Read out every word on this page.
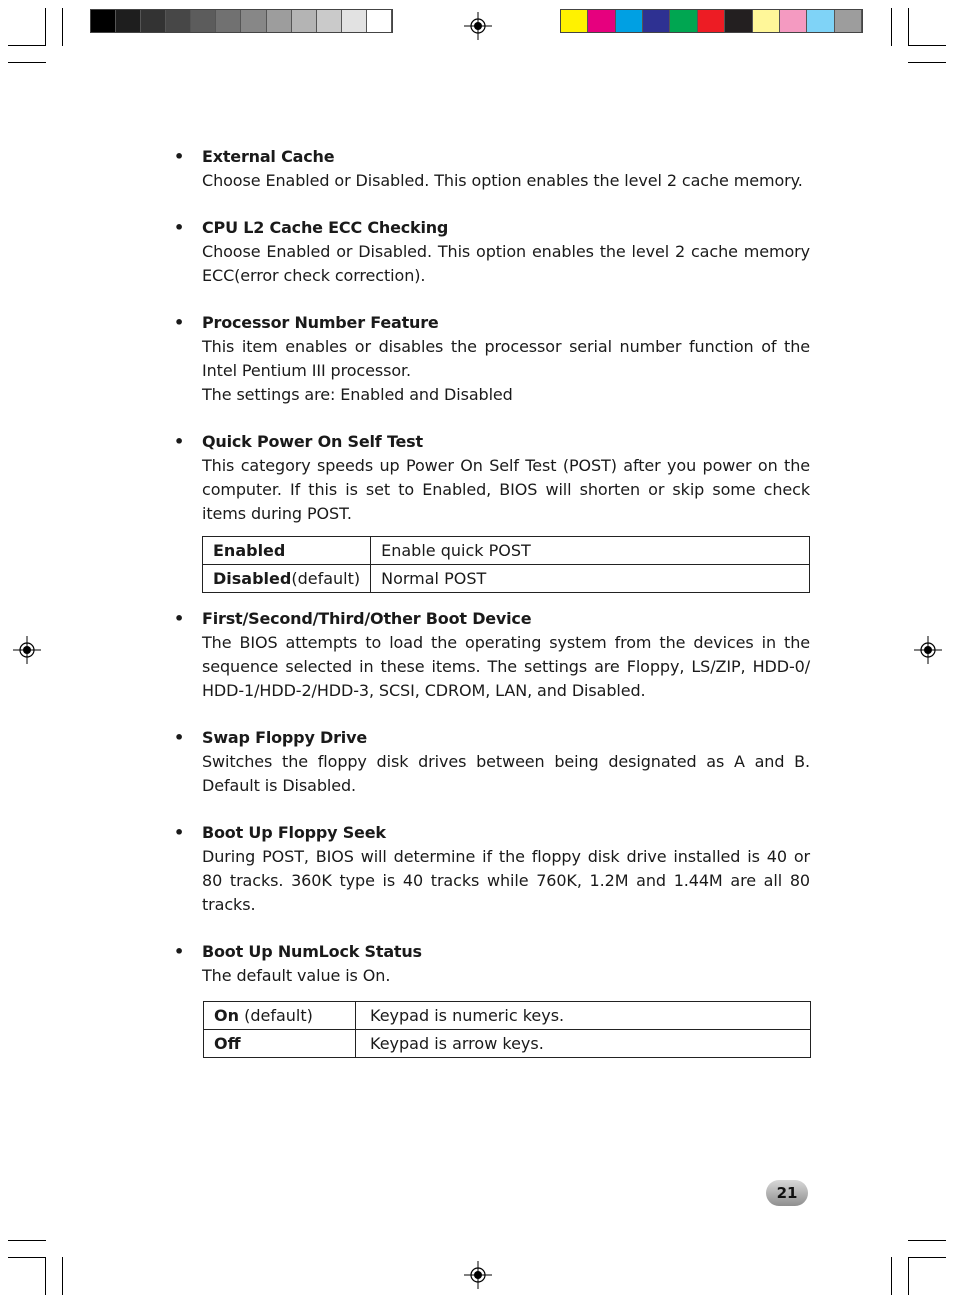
• External Cache
Choose Enabled or Disabled. This option enables the level 2 cache memory.
• CPU L2 Cache ECC Checking
Choose Enabled or Disabled. This option enables the level 2 cache memory ECC(error check correction).
• Processor Number Feature
This item enables or disables the processor serial number function of the Intel Pentium III processor.
The settings are: Enabled and Disabled
• Quick Power On Self Test
This category speeds up Power On Self Test (POST) after you power on the computer. If this is set to Enabled, BIOS will shorten or skip some check items during POST.
Enabled	Enable quick POST
Disabled(default)	Normal POST
• First/Second/Third/Other Boot Device
The BIOS attempts to load the operating system from the devices in the sequence selected in these items. The settings are Floppy, LS/ZIP, HDD-0/ HDD-1/HDD-2/HDD-3, SCSI, CDROM, LAN, and Disabled.
• Swap Floppy Drive
Switches the floppy disk drives between being designated as A and B. Default is Disabled.
• Boot Up Floppy Seek
During POST, BIOS will determine if the floppy disk drive installed is 40 or 80 tracks. 360K type is 40 tracks while 760K, 1.2M and 1.44M are all 80 tracks.
• Boot Up NumLock Status
The default value is On.
On (default)	Keypad is numeric keys.
Off	Keypad is arrow keys.
21
